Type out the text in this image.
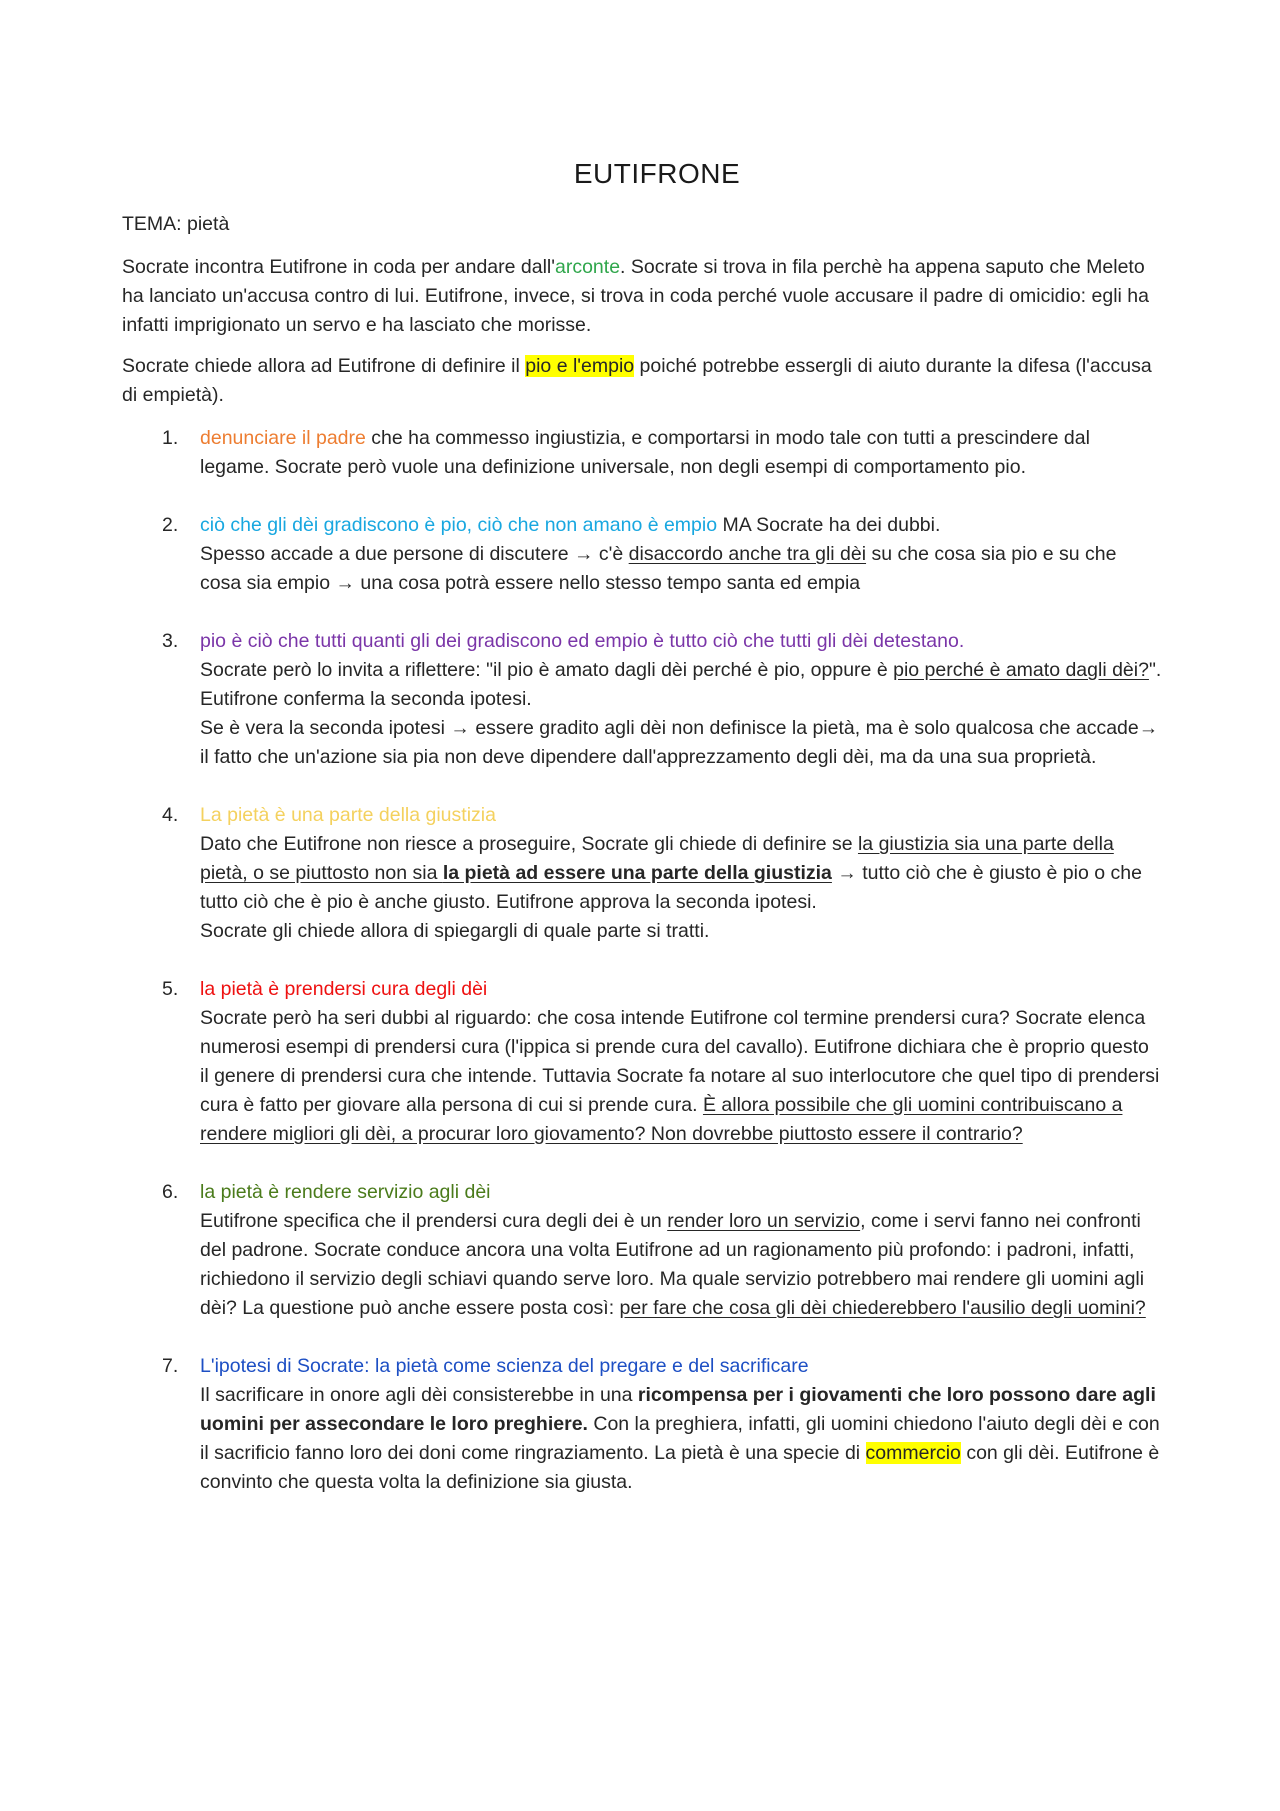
EUTIFRONE

TEMA: pietà

Socrate incontra Eutifrone in coda per andare dall'arconte. Socrate si trova in fila perchè ha appena saputo che Meleto ha lanciato un'accusa contro di lui. Eutifrone, invece, si trova in coda perché vuole accusare il padre di omicidio: egli ha infatti imprigionato un servo e ha lasciato che morisse.

Socrate chiede allora ad Eutifrone di definire il pio e l'empio poiché potrebbe essergli di aiuto durante la difesa (l'accusa di empietà).

1. denunciare il padre che ha commesso ingiustizia, e comportarsi in modo tale con tutti a prescindere dal legame. Socrate però vuole una definizione universale, non degli esempi di comportamento pio.
2. ciò che gli dèi gradiscono è pio, ciò che non amano è empio MA Socrate ha dei dubbi.
Spesso accade a due persone di discutere → c'è disaccordo anche tra gli dèi su che cosa sia pio e su che cosa sia empio → una cosa potrà essere nello stesso tempo santa ed empia
3. pio è ciò che tutti quanti gli dei gradiscono ed empio è tutto ciò che tutti gli dèi detestano.
Socrate però lo invita a riflettere: "il pio è amato dagli dèi perché è pio, oppure è pio perché è amato dagli dèi?". Eutifrone conferma la seconda ipotesi.
Se è vera la seconda ipotesi → essere gradito agli dèi non definisce la pietà, ma è solo qualcosa che accade→ il fatto che un'azione sia pia non deve dipendere dall'apprezzamento degli dèi, ma da una sua proprietà.
4. La pietà è una parte della giustizia
Dato che Eutifrone non riesce a proseguire, Socrate gli chiede di definire se la giustizia sia una parte della pietà, o se piuttosto non sia la pietà ad essere una parte della giustizia → tutto ciò che è giusto è pio o che tutto ciò che è pio è anche giusto. Eutifrone approva la seconda ipotesi.
Socrate gli chiede allora di spiegargli di quale parte si tratti.
5. la pietà è prendersi cura degli dèi
Socrate però ha seri dubbi al riguardo: che cosa intende Eutifrone col termine prendersi cura? Socrate elenca numerosi esempi di prendersi cura (l'ippica si prende cura del cavallo). Eutifrone dichiara che è proprio questo il genere di prendersi cura che intende. Tuttavia Socrate fa notare al suo interlocutore che quel tipo di prendersi cura è fatto per giovare alla persona di cui si prende cura. È allora possibile che gli uomini contribuiscano a rendere migliori gli dèi, a procurar loro giovamento? Non dovrebbe piuttosto essere il contrario?
6. la pietà è rendere servizio agli dèi
Eutifrone specifica che il prendersi cura degli dei è un render loro un servizio, come i servi fanno nei confronti del padrone. Socrate conduce ancora una volta Eutifrone ad un ragionamento più profondo: i padroni, infatti, richiedono il servizio degli schiavi quando serve loro. Ma quale servizio potrebbero mai rendere gli uomini agli dèi? La questione può anche essere posta così: per fare che cosa gli dèi chiederebbero l'ausilio degli uomini?
7. L'ipotesi di Socrate: la pietà come scienza del pregare e del sacrificare
Il sacrificare in onore agli dèi consisterebbe in una ricompensa per i giovamenti che loro possono dare agli uomini per assecondare le loro preghiere. Con la preghiera, infatti, gli uomini chiedono l'aiuto degli dèi e con il sacrificio fanno loro dei doni come ringraziamento. La pietà è una specie di commercio con gli dèi. Eutifrone è convinto che questa volta la definizione sia giusta.
